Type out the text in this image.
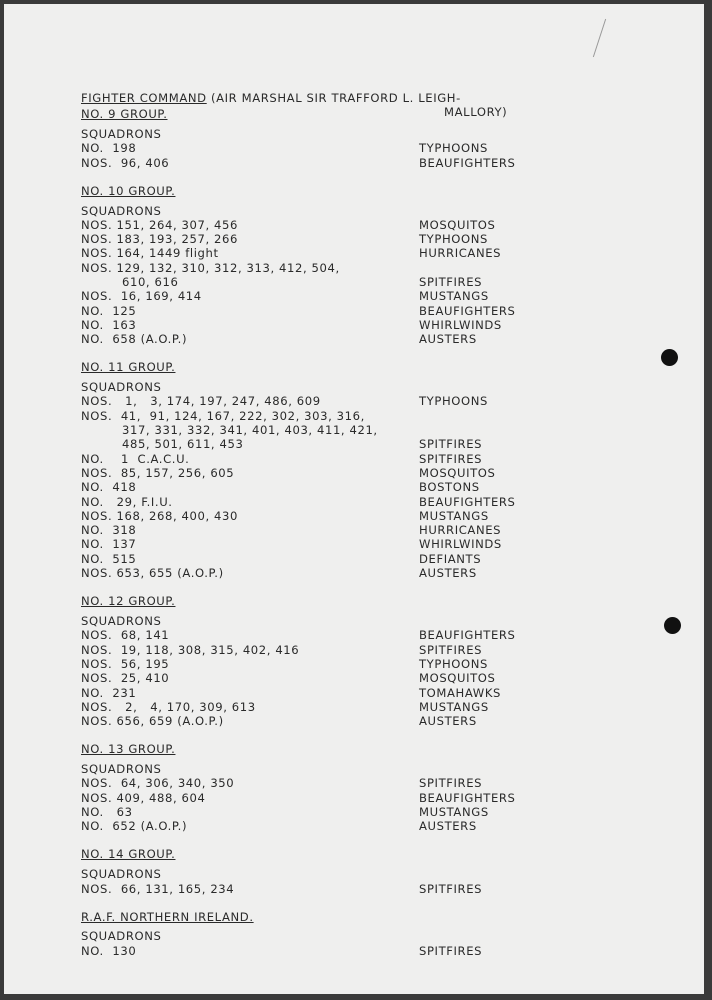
FIGHTER COMMAND (AIR MARSHAL SIR TRAFFORD L. LEIGH-
MALLORY)
NO. 9 GROUP.
SQUADRONS
NO.  198	TYPHOONS
NOS.  96, 406	BEAUFIGHTERS
NO. 10 GROUP.
SQUADRONS
NOS. 151, 264, 307, 456	MOSQUITOS
NOS. 183, 193, 257, 266	TYPHOONS
NOS. 164, 1449 flight	HURRICANES
NOS. 129, 132, 310, 312, 313, 412, 504,
610, 616	SPITFIRES
NOS.  16, 169, 414	MUSTANGS
NO.  125	BEAUFIGHTERS
NO.  163	WHIRLWINDS
NO.  658 (A.O.P.)	AUSTERS
NO. 11 GROUP.
SQUADRONS
NOS.   1,   3, 174, 197, 247, 486, 609	TYPHOONS
NOS.  41,  91, 124, 167, 222, 302, 303, 316,
317, 331, 332, 341, 401, 403, 411, 421,
485, 501, 611, 453	SPITFIRES
NO.    1  C.A.C.U.	SPITFIRES
NOS.  85, 157, 256, 605	MOSQUITOS
NO.  418	BOSTONS
NO.   29, F.I.U.	BEAUFIGHTERS
NOS. 168, 268, 400, 430	MUSTANGS
NO.  318	HURRICANES
NO.  137	WHIRLWINDS
NO.  515	DEFIANTS
NOS. 653, 655 (A.O.P.)	AUSTERS
NO. 12 GROUP.
SQUADRONS
NOS.  68, 141	BEAUFIGHTERS
NOS.  19, 118, 308, 315, 402, 416	SPITFIRES
NOS.  56, 195	TYPHOONS
NOS.  25, 410	MOSQUITOS
NO.  231	TOMAHAWKS
NOS.   2,   4, 170, 309, 613	MUSTANGS
NOS. 656, 659 (A.O.P.)	AUSTERS
NO. 13 GROUP.
SQUADRONS
NOS.  64, 306, 340, 350	SPITFIRES
NOS. 409, 488, 604	BEAUFIGHTERS
NO.   63	MUSTANGS
NO.  652 (A.O.P.)	AUSTERS
NO. 14 GROUP.
SQUADRONS
NOS.  66, 131, 165, 234	SPITFIRES
R.A.F. NORTHERN IRELAND.
SQUADRONS
NO.  130	SPITFIRES
